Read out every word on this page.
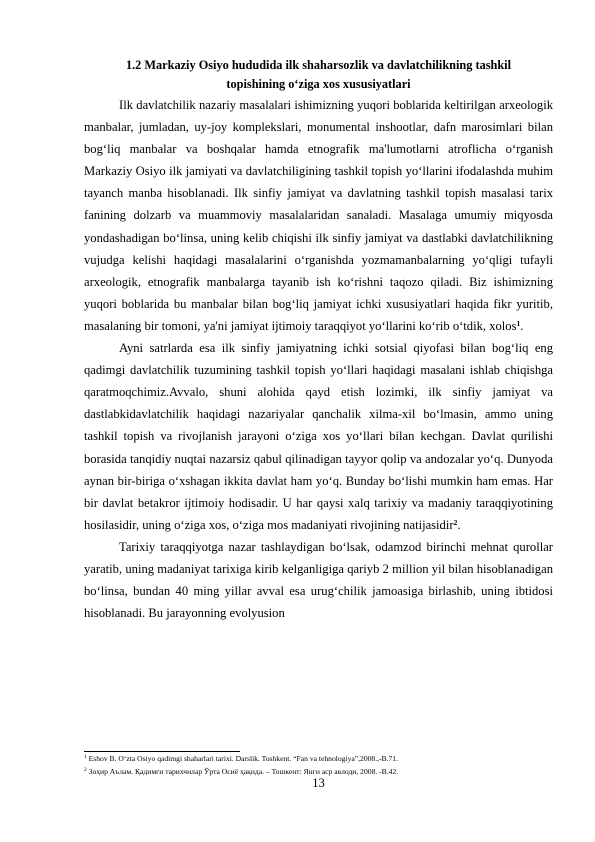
1.2 Markaziy Osiyo hududida ilk shaharsozlik va davlatchilikning tashkil
topishining o‘ziga xos xususiyatlari

Ilk davlatchilik nazariy masalalari ishimizning yuqori boblarida keltirilgan arxeologik manbalar, jumladan, uy-joy komplekslari, monumental inshootlar, dafn marosimlari bilan bog‘liq manbalar va boshqalar hamda etnografik ma'lumotlarni atroflicha o‘rganish Markaziy Osiyo ilk jamiyati va davlatchiligining tashkil topish yo‘llarini ifodalashda muhim tayanch manba hisoblanadi. Ilk sinfiy jamiyat va davlatning tashkil topish masalasi tarix fanining dolzarb va muammoviy masalalaridan sanaladi. Masalaga umumiy miqyosda yondashadigan bo‘linsa, uning kelib chiqishi ilk sinfiy jamiyat va dastlabki davlatchilikning vujudga kelishi haqidagi masalalarini o‘rganishda yozmamanbalarning yo‘qligi tufayli arxeologik, etnografik manbalarga tayanib ish ko‘rishni taqozo qiladi. Biz ishimizning yuqori boblarida bu manbalar bilan bog‘liq jamiyat ichki xususiyatlari haqida fikr yuritib, masalaning bir tomoni, ya'ni jamiyat ijtimoiy taraqqiyot yo‘llarini ko‘rib o‘tdik, xolos$^1$.

Ayni satrlarda esa ilk sinfiy jamiyatning ichki sotsial qiyofasi bilan bog‘liq eng qadimgi davlatchilik tuzumining tashkil topish yo‘llari haqidagi masalani ishlab chiqishga qaratmoqchimiz.Avvalo, shuni alohida qayd etish lozimki, ilk sinfiy jamiyat va dastlabkidavlatchilik haqidagi nazariyalar qanchalik xilma-xil bo‘lmasin, ammo uning tashkil topish va rivojlanish jarayoni o‘ziga xos yo‘llari bilan kechgan. Davlat qurilishi borasida tanqidiy nuqtai nazarsiz qabul qilinadigan tayyor qolip va andozalar yo‘q. Dunyoda aynan bir-biriga o‘xshagan ikkita davlat ham yo‘q. Bunday bo‘lishi mumkin ham emas. Har bir davlat betakror ijtimoiy hodisadir. U har qaysi xalq tarixiy va madaniy taraqqiyotining hosilasidir, uning o‘ziga xos, o‘ziga mos madaniyati rivojining natijasidir$^2$.

Tarixiy taraqqiyotga nazar tashlaydigan bo‘lsak, odamzod birinchi mehnat qurollar yaratib, uning madaniyat tarixiga kirib kelganligiga qariyb 2 million yil bilan hisoblanadigan bo‘linsa, bundan 40 ming yillar avval esa urug‘chilik jamoasiga birlashib, uning ibtidosi hisoblanadi. Bu jarayonning evolyusion

$^1$ Eshov B. O‘zta Osiyo qadimgi shaharlari tarixi. Darslik. Toshkent. “Fan va tehnologiya”,2008.,-B.71.

$^2$ Зоҳир Аълам. Қадимги тарихчилар Ўрта Осиё ҳақида. – Тошкент: Янги аср авлоди, 2008. -B.42.

13
